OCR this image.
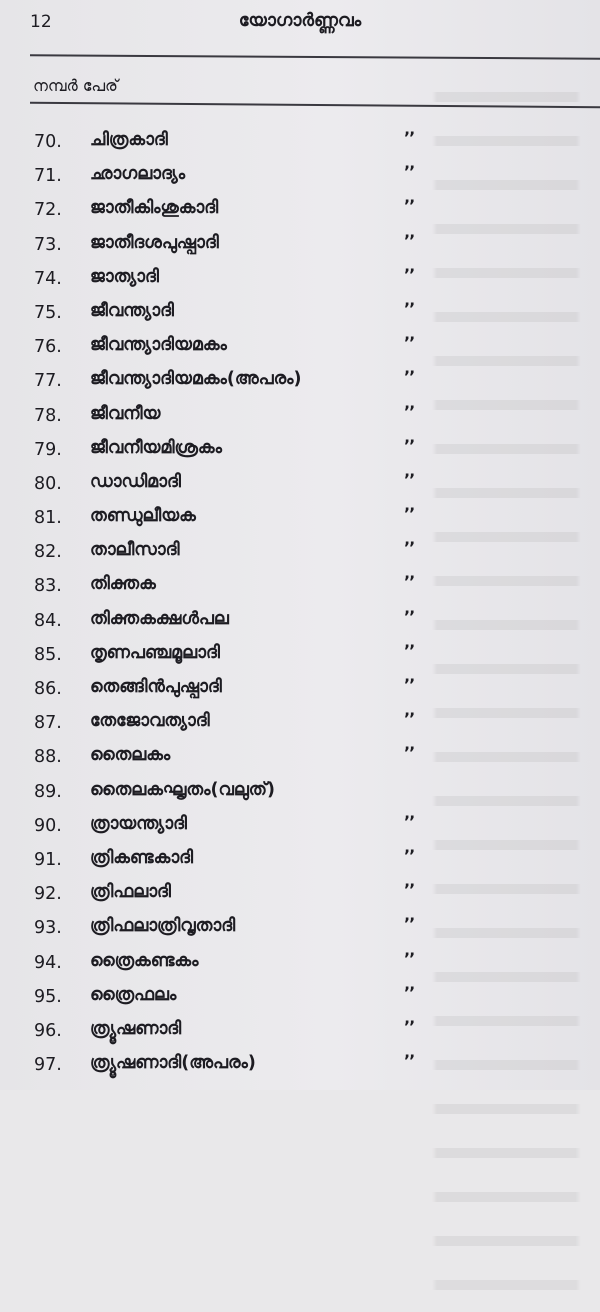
12	യോഗാർണ്ണവം
നമ്പർ പേര്
70.	ചിത്രകാദി	’’
71.	ഛാഗലാദ്യം	’’
72.	ജാതീകിംശുകാദി	’’
73.	ജാതീദശപുഷ്പാദി	’’
74.	ജാത്യാദി	’’
75.	ജീവന്ത്യാദി	’’
76.	ജീവന്ത്യാദിയമകം	’’
77.	ജീവന്ത്യാദിയമകം(അപരം)	’’
78.	ജീവനീയ	’’
79.	ജീവനീയമിശ്രകം	’’
80.	ഡാഡിമാദി	’’
81.	തണ്ഡുലീയക	’’
82.	താലീസാദി	’’
83.	തിക്തക	’’
84.	തിക്തകക്ഷൾപല	’’
85.	തൃണപഞ്ചമൂലാദി	’’
86.	തെങ്ങിൻപുഷ്പാദി	’’
87.	തേജോവത്യാദി	’’
88.	തൈലകം	’’
89.	തൈലകഘൃതം(വലുത്)
90.	ത്രായന്ത്യാദി	’’
91.	ത്രികണ്ടകാദി	’’
92.	ത്രിഫലാദി	’’
93.	ത്രിഫലാത്രിവൃതാദി	’’
94.	ത്രൈകണ്ടകം	’’
95.	ത്രൈഫലം	’’
96.	ത്ര്യൂഷണാദി	’’
97.	ത്ര്യൂഷണാദി(അപരം)	’’
